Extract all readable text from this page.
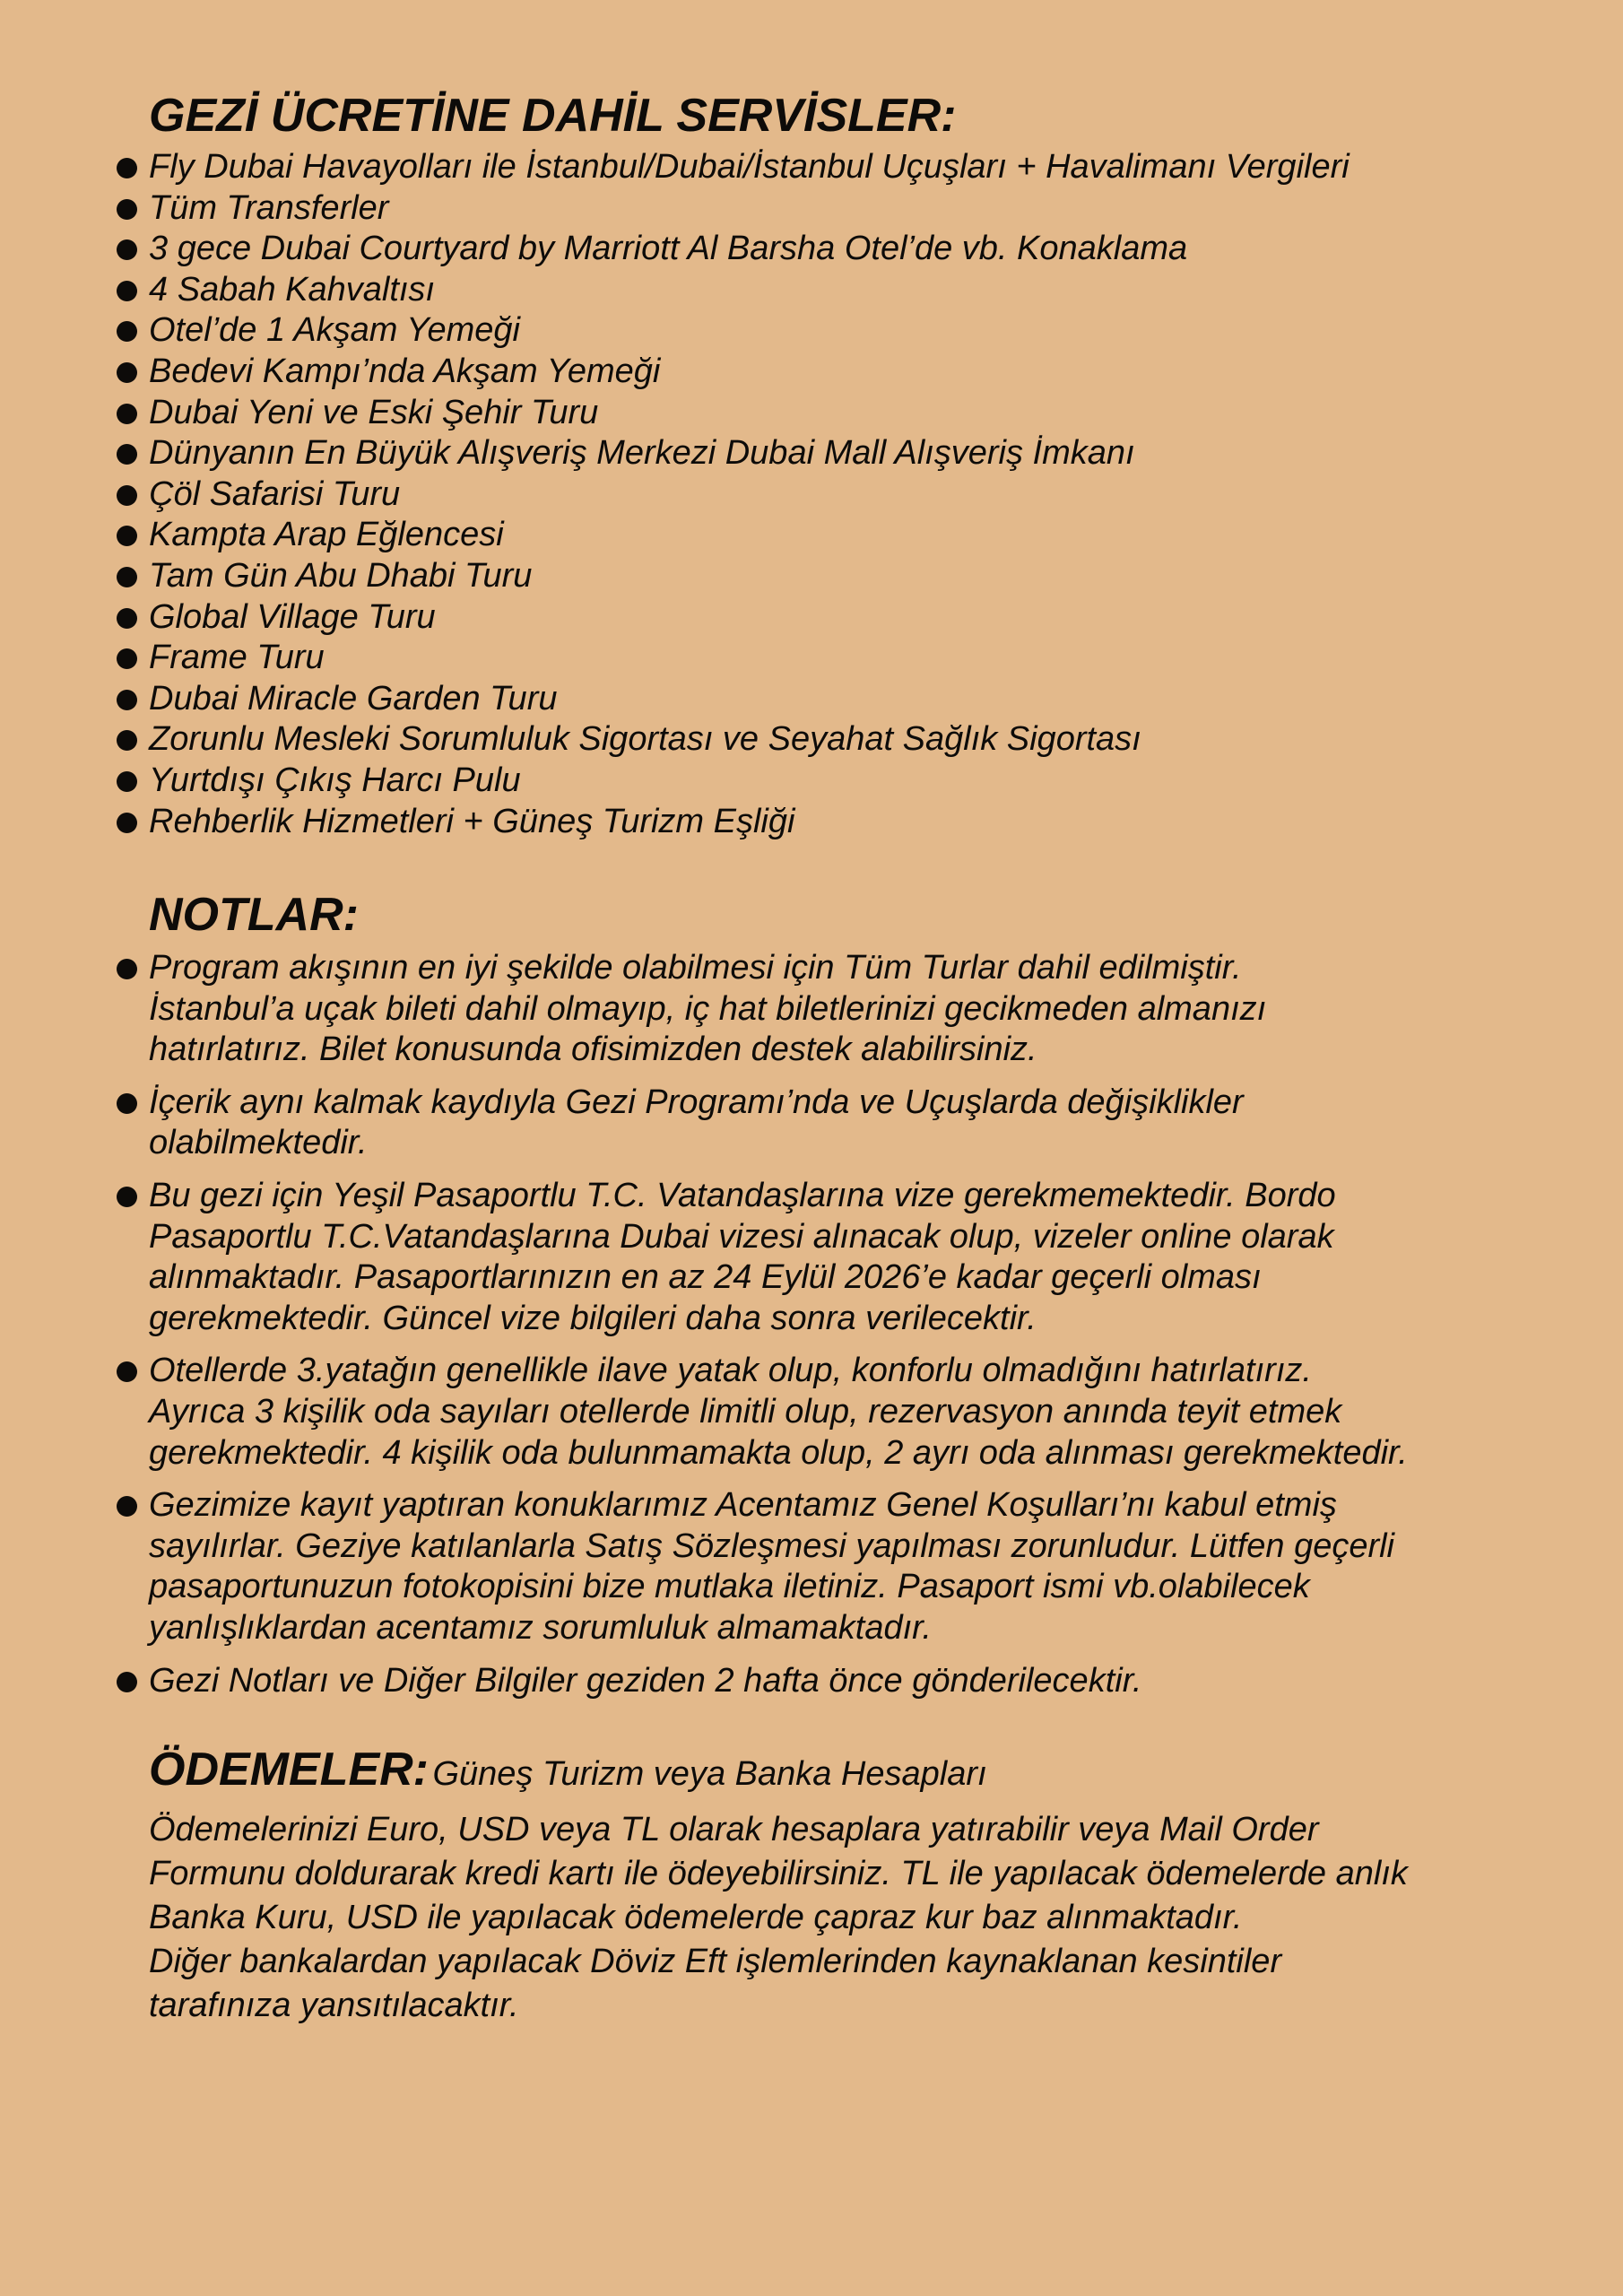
GEZİ ÜCRETİNE DAHİL SERVİSLER:
Fly Dubai Havayolları ile İstanbul/Dubai/İstanbul Uçuşları + Havalimanı Vergileri
Tüm Transferler
3 gece Dubai Courtyard by Marriott Al Barsha Otel’de vb. Konaklama
4 Sabah Kahvaltısı
Otel’de 1 Akşam Yemeği
Bedevi Kampı’nda Akşam Yemeği
Dubai Yeni ve Eski Şehir Turu
Dünyanın En Büyük Alışveriş Merkezi Dubai Mall Alışveriş İmkanı
Çöl Safarisi Turu
Kampta Arap Eğlencesi
Tam Gün Abu Dhabi Turu
Global Village Turu
Frame Turu
Dubai Miracle Garden Turu
Zorunlu Mesleki Sorumluluk Sigortası ve Seyahat Sağlık Sigortası
Yurtdışı Çıkış Harcı Pulu
Rehberlik Hizmetleri + Güneş Turizm Eşliği
NOTLAR:
Program akışının en iyi şekilde olabilmesi için Tüm Turlar dahil edilmiştir.
İstanbul’a uçak bileti dahil olmayıp, iç hat biletlerinizi gecikmeden almanızı
hatırlatırız. Bilet konusunda ofisimizden destek alabilirsiniz.
İçerik aynı kalmak kaydıyla Gezi Programı’nda ve Uçuşlarda değişiklikler
olabilmektedir.
Bu gezi için Yeşil Pasaportlu T.C. Vatandaşlarına vize gerekmemektedir. Bordo
Pasaportlu T.C.Vatandaşlarına Dubai vizesi alınacak olup, vizeler online olarak
alınmaktadır. Pasaportlarınızın en az 24 Eylül 2026’e kadar geçerli olması
gerekmektedir. Güncel vize bilgileri daha sonra verilecektir.
Otellerde 3.yatağın genellikle ilave yatak olup, konforlu olmadığını hatırlatırız.
Ayrıca 3 kişilik oda sayıları otellerde limitli olup, rezervasyon anında teyit etmek
gerekmektedir. 4 kişilik oda bulunmamakta olup, 2 ayrı oda alınması gerekmektedir.
Gezimize kayıt yaptıran konuklarımız Acentamız Genel Koşulları’nı kabul etmiş
sayılırlar. Geziye katılanlarla Satış Sözleşmesi yapılması zorunludur. Lütfen geçerli
pasaportunuzun fotokopisini bize mutlaka iletiniz. Pasaport ismi vb.olabilecek
yanlışlıklardan acentamız sorumluluk almamaktadır.
Gezi Notları ve Diğer Bilgiler geziden 2 hafta önce gönderilecektir.
ÖDEMELER: Güneş Turizm veya Banka Hesapları
Ödemelerinizi Euro, USD veya TL olarak hesaplara yatırabilir veya Mail Order
Formunu doldurarak kredi kartı ile ödeyebilirsiniz. TL ile yapılacak ödemelerde anlık
Banka Kuru, USD ile yapılacak ödemelerde çapraz kur baz alınmaktadır.
Diğer bankalardan yapılacak Döviz Eft işlemlerinden kaynaklanan kesintiler
tarafınıza yansıtılacaktır.
